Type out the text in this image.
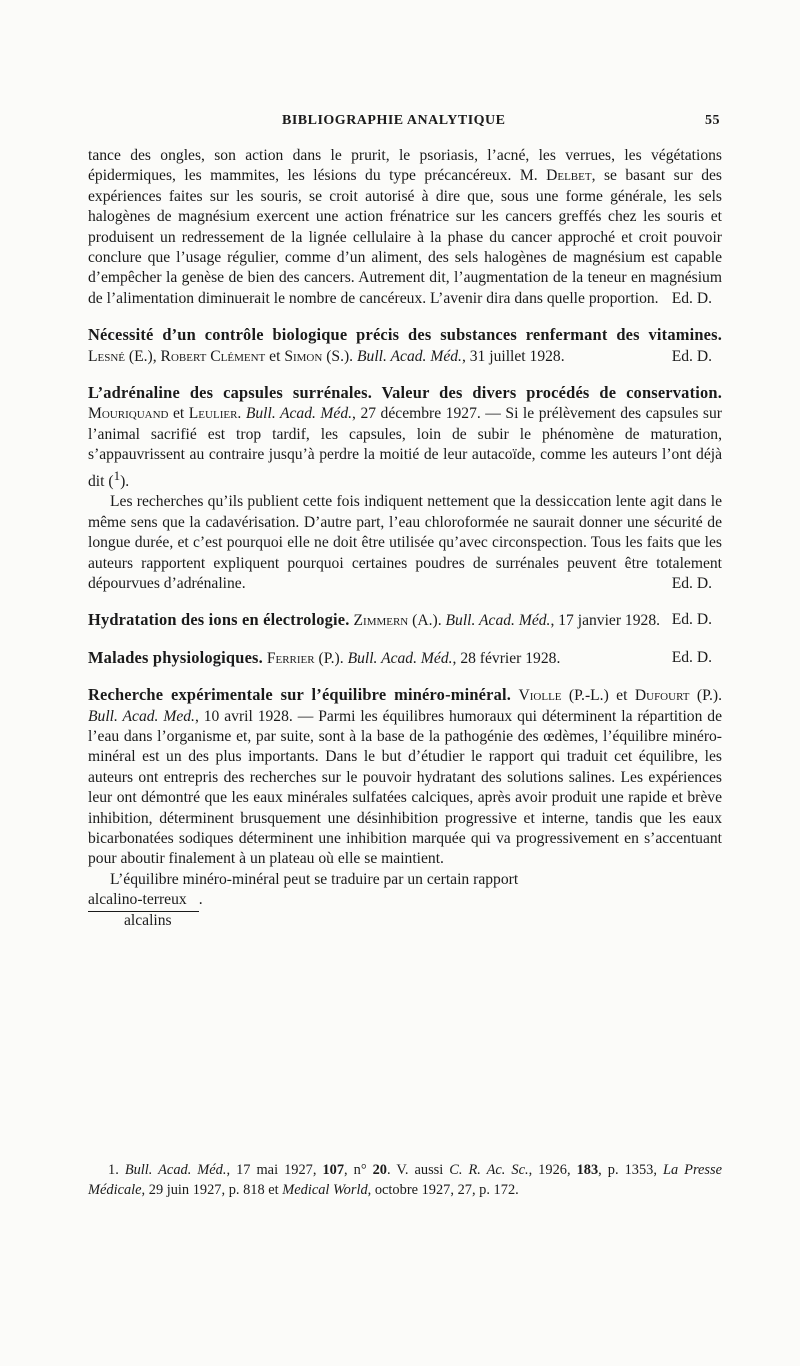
BIBLIOGRAPHIE ANALYTIQUE	55

tance des ongles, son action dans le prurit, le psoriasis, l’acné, les verrues, les végétations épidermiques, les mammites, les lésions du type précancéreux. M. Delbet, se basant sur des expériences faites sur les souris, se croit autorisé à dire que, sous une forme générale, les sels halogènes de magnésium exercent une action frénatrice sur les cancers greffés chez les souris et produisent un redressement de la lignée cellulaire à la phase du cancer approché et croit pouvoir conclure que l’usage régulier, comme d’un aliment, des sels halogènes de magnésium est capable d’empêcher la genèse de bien des cancers. Autrement dit, l’augmentation de la teneur en magnésium de l’alimentation diminuerait le nombre de cancéreux. L’avenir dira dans quelle proportion. Ed. D.

Nécessité d’un contrôle biologique précis des substances renfermant des vitamines. Lesné (E.), Robert Clément et Simon (S.). Bull. Acad. Méd., 31 juillet 1928.	Ed. D.

L’adrénaline des capsules surrénales. Valeur des divers procédés de conservation. Mouriquand et Leulier. Bull. Acad. Méd., 27 décembre 1927. — Si le prélèvement des capsules sur l’animal sacrifié est trop tardif, les capsules, loin de subir le phénomène de maturation, s’appauvrissent au contraire jusqu’à perdre la moitié de leur autacoïde, comme les auteurs l’ont déjà dit ($^1$).

Les recherches qu’ils publient cette fois indiquent nettement que la dessiccation lente agit dans le même sens que la cadavérisation. D’autre part, l’eau chloroformée ne saurait donner une sécurité de longue durée, et c’est pourquoi elle ne doit être utilisée qu’avec circonspection. Tous les faits que les auteurs rapportent expliquent pourquoi certaines poudres de surrénales peuvent être totalement dépourvues d’adrénaline.	Ed. D.

Hydratation des ions en électrologie. Zimmern (A.). Bull. Acad. Méd., 17 janvier 1928. Ed. D.

Malades physiologiques. Ferrier (P.). Bull. Acad. Méd., 28 février 1928.	Ed. D.

Recherche expérimentale sur l’équilibre minéro-minéral. Violle (P.-L.) et Dufourt (P.). Bull. Acad. Med., 10 avril 1928. — Parmi les équilibres humoraux qui déterminent la répartition de l’eau dans l’organisme et, par suite, sont à la base de la pathogénie des œdèmes, l’équilibre minéro-minéral est un des plus importants. Dans le but d’étudier le rapport qui traduit cet équilibre, les auteurs ont entrepris des recherches sur le pouvoir hydratant des solutions salines. Les expériences leur ont démontré que les eaux minérales sulfatées calciques, après avoir produit une rapide et brève inhibition, déterminent brusquement une désinhibition progressive et interne, tandis que les eaux bicarbonatées sodiques déterminent une inhibition marquée qui va progressivement en s’accentuant pour aboutir finalement à un plateau où elle se maintient.

L’équilibre minéro-minéral peut se traduire par un certain rapport

alcalino-terreux .
alcalins

1. Bull. Acad. Méd., 17 mai 1927, 107, n° 20. V. aussi C. R. Ac. Sc., 1926, 183, p. 1353, La Presse Médicale, 29 juin 1927, p. 818 et Medical World, octobre 1927, 27, p. 172.
